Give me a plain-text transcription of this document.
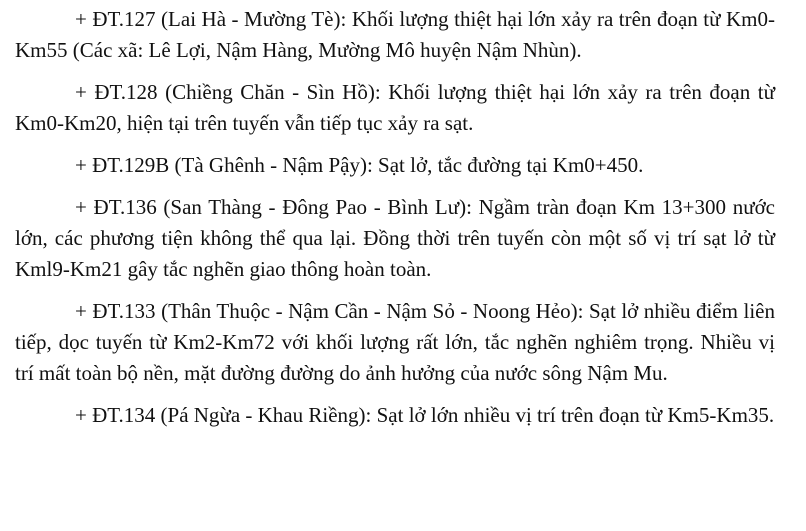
+ ĐT.127 (Lai Hà - Mường Tè): Khối lượng thiệt hại lớn xảy ra trên đoạn từ Km0-Km55 (Các xã: Lê Lợi, Nậm Hàng, Mường Mô huyện Nậm Nhùn).

+ ĐT.128 (Chiềng Chăn - Sìn Hồ): Khối lượng thiệt hại lớn xảy ra trên đoạn từ Km0-Km20, hiện tại trên tuyến vẫn tiếp tục xảy ra sạt.

+ ĐT.129B (Tà Ghênh - Nậm Pậy): Sạt lở, tắc đường tại Km0+450.

+ ĐT.136 (San Thàng - Đông Pao - Bình Lư): Ngầm tràn đoạn Km 13+300 nước lớn, các phương tiện không thể qua lại. Đồng thời trên tuyến còn một số vị trí sạt lở từ Kml9-Km21 gây tắc nghẽn giao thông hoàn toàn.

+ ĐT.133 (Thân Thuộc - Nậm Cần - Nậm Sỏ - Noong Hẻo): Sạt lở nhiều điểm liên tiếp, dọc tuyến từ Km2-Km72 với khối lượng rất lớn, tắc nghẽn nghiêm trọng. Nhiều vị trí mất toàn bộ nền, mặt đường đường do ảnh hưởng của nước sông Nậm Mu.

+ ĐT.134 (Pá Ngừa - Khau Riềng): Sạt lở lớn nhiều vị trí trên đoạn từ Km5-Km35.
